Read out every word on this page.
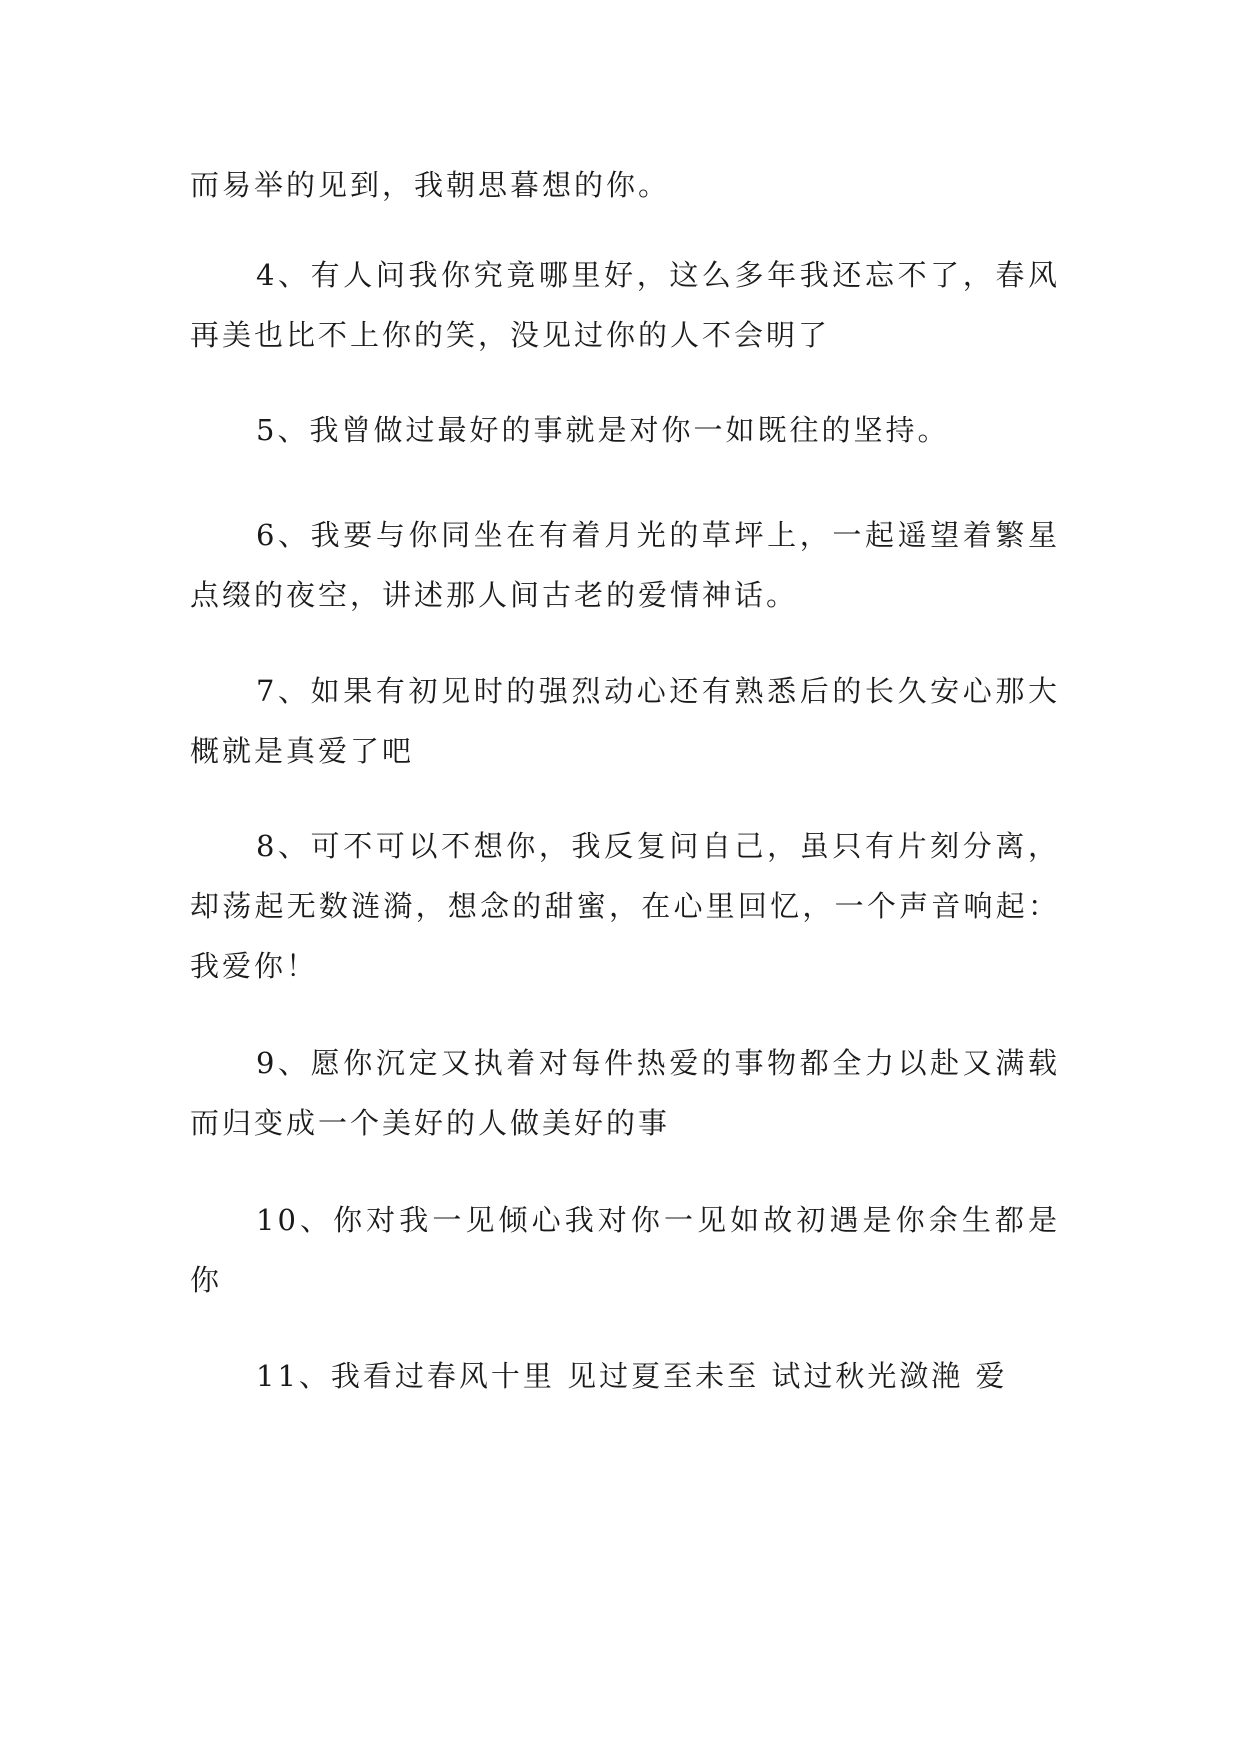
而易举的见到，我朝思暮想的你。

4、有人问我你究竟哪里好，这么多年我还忘不了，春风再美也比不上你的笑，没见过你的人不会明了

5、我曾做过最好的事就是对你一如既往的坚持。

6、我要与你同坐在有着月光的草坪上，一起遥望着繁星点缀的夜空，讲述那人间古老的爱情神话。

7、如果有初见时的强烈动心还有熟悉后的长久安心那大概就是真爱了吧

8、可不可以不想你，我反复问自己，虽只有片刻分离，却荡起无数涟漪，想念的甜蜜，在心里回忆，一个声音响起：我爱你！

9、愿你沉定又执着对每件热爱的事物都全力以赴又满载而归变成一个美好的人做美好的事

10、你对我一见倾心我对你一见如故初遇是你余生都是你

11、我看过春风十里 见过夏至未至 试过秋光潋滟 爱
